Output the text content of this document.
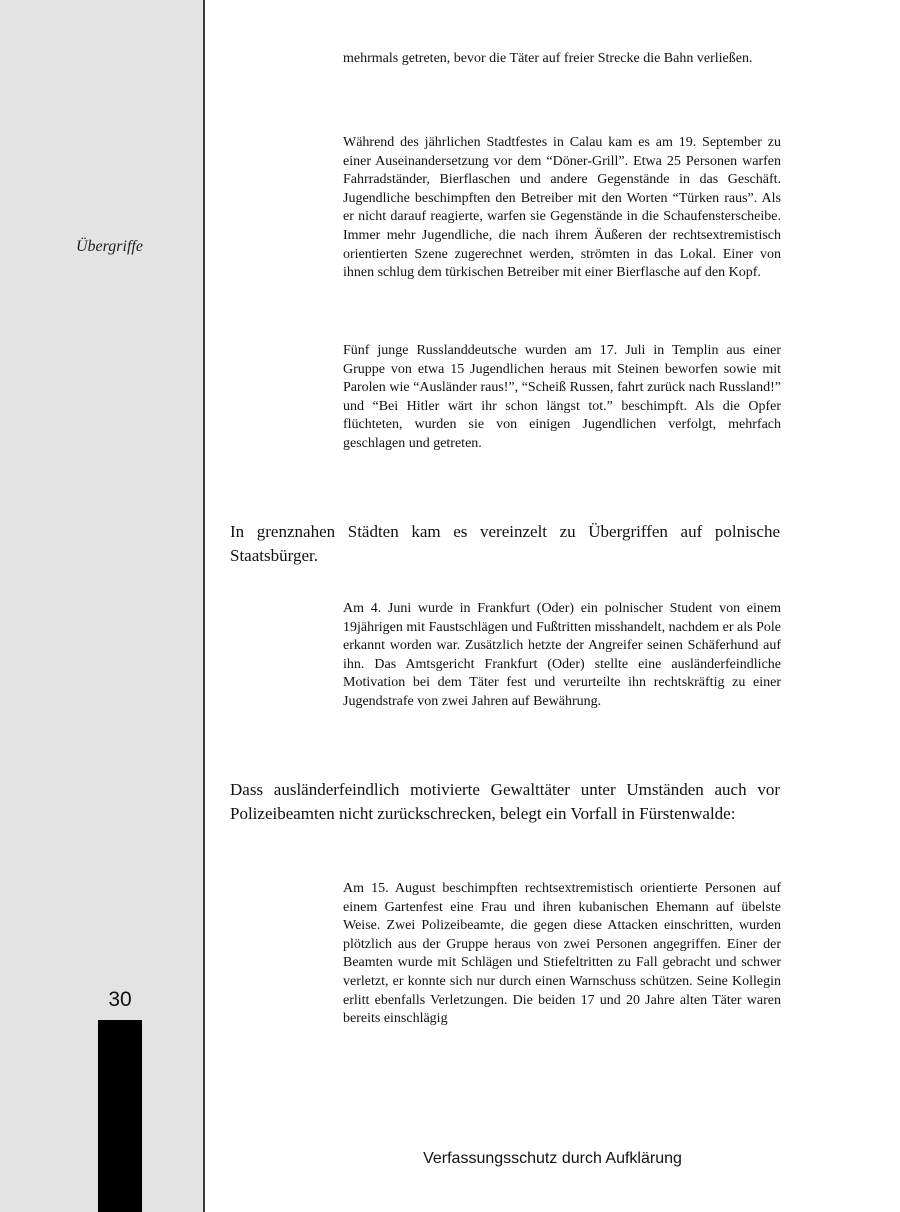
Übergriffe
30

mehrmals getreten, bevor die Täter auf freier Strecke die Bahn verließen.

Während des jährlichen Stadtfestes in Calau kam es am 19. September zu einer Auseinandersetzung vor dem “Döner-Grill”. Etwa 25 Personen warfen Fahrradständer, Bierflaschen und andere Gegenstände in das Geschäft. Jugendliche beschimpften den Betreiber mit den Worten “Türken raus”. Als er nicht darauf reagierte, warfen sie Gegenstände in die Schaufensterscheibe. Immer mehr Jugendliche, die nach ihrem Äußeren der rechtsextremistisch orientierten Szene zugerechnet werden, strömten in das Lokal. Einer von ihnen schlug dem türkischen Betreiber mit einer Bierflasche auf den Kopf.

Fünf junge Russlanddeutsche wurden am 17. Juli in Templin aus einer Gruppe von etwa 15 Jugendlichen heraus mit Steinen beworfen sowie mit Parolen wie “Ausländer raus!”, “Scheiß Russen, fahrt zurück nach Russland!” und “Bei Hitler wärt ihr schon längst tot.” beschimpft. Als die Opfer flüchteten, wurden sie von einigen Jugendlichen verfolgt, mehrfach geschlagen und getreten.

In grenznahen Städten kam es vereinzelt zu Übergriffen auf polnische Staatsbürger.

Am 4. Juni wurde in Frankfurt (Oder) ein polnischer Student von einem 19jährigen mit Faustschlägen und Fußtritten misshandelt, nachdem er als Pole erkannt worden war. Zusätzlich hetzte der Angreifer seinen Schäferhund auf ihn. Das Amtsgericht Frankfurt (Oder) stellte eine ausländerfeindliche Motivation bei dem Täter fest und verurteilte ihn rechtskräftig zu einer Jugendstrafe von zwei Jahren auf Bewährung.

Dass ausländerfeindlich motivierte Gewalttäter unter Umständen auch vor Polizeibeamten nicht zurückschrecken, belegt ein Vorfall in Fürstenwalde:

Am 15. August beschimpften rechtsextremistisch orientierte Personen auf einem Gartenfest eine Frau und ihren kubanischen Ehemann auf übelste Weise. Zwei Polizeibeamte, die gegen diese Attacken einschritten, wurden plötzlich aus der Gruppe heraus von zwei Personen angegriffen. Einer der Beamten wurde mit Schlägen und Stiefeltritten zu Fall gebracht und schwer verletzt, er konnte sich nur durch einen Warnschuss schützen. Seine Kollegin erlitt ebenfalls Verletzungen. Die beiden 17 und 20 Jahre alten Täter waren bereits einschlägig

Verfassungsschutz durch Aufklärung
